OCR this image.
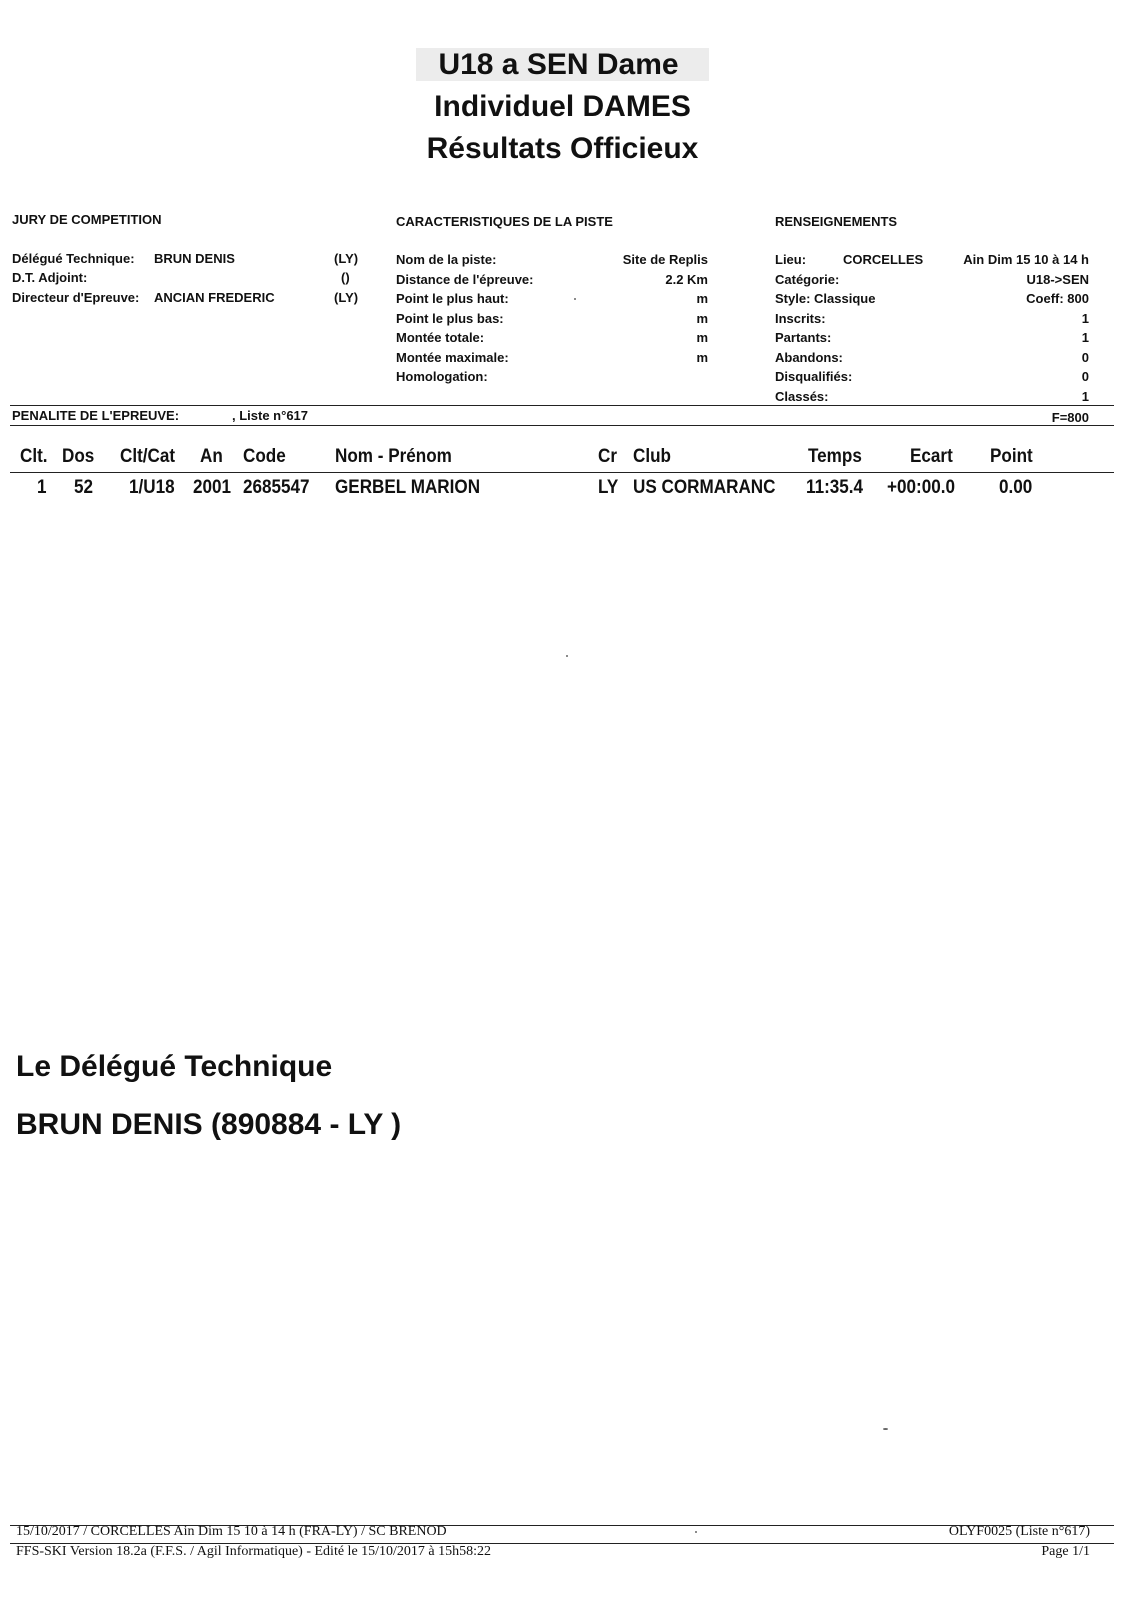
U18 a SEN Dame
Individuel DAMES
Résultats Officieux
JURY DE COMPETITION	CARACTERISTIQUES DE LA PISTE	RENSEIGNEMENTS
Délégué Technique: BRUN DENIS	(LY)
D.T. Adjoint:	()
Directeur d'Epreuve: ANCIAN FREDERIC	(LY)
Nom de la piste:	Site de Replis
Distance de l'épreuve:	2.2 Km
Point le plus haut:	m
Point le plus bas:	m
Montée totale:	m
Montée maximale:	m
Homologation:
Lieu:	CORCELLES	Ain Dim 15 10 à 14 h
Catégorie:	U18->SEN
Style: Classique	Coeff: 800
Inscrits:	1
Partants:	1
Abandons:	0
Disqualifiés:	0
Classés:	1
PENALITE DE L'EPREUVE:	, Liste n°617	F=800
Clt. Dos Clt/Cat An Code	Nom - Prénom	Cr Club	Temps	Ecart Point
1 52 1/U18 2001 2685547 GERBEL MARION	LY US CORMARANC 11:35.4 +00:00.0 0.00
Le Délégué Technique
BRUN DENIS (890884 - LY )
15/10/2017 / CORCELLES Ain Dim 15 10 à 14 h (FRA-LY) / SC BRENOD	OLYF0025 (Liste n°617)
FFS-SKI Version 18.2a (F.F.S. / Agil Informatique) - Edité le 15/10/2017 à 15h58:22	Page 1/1
